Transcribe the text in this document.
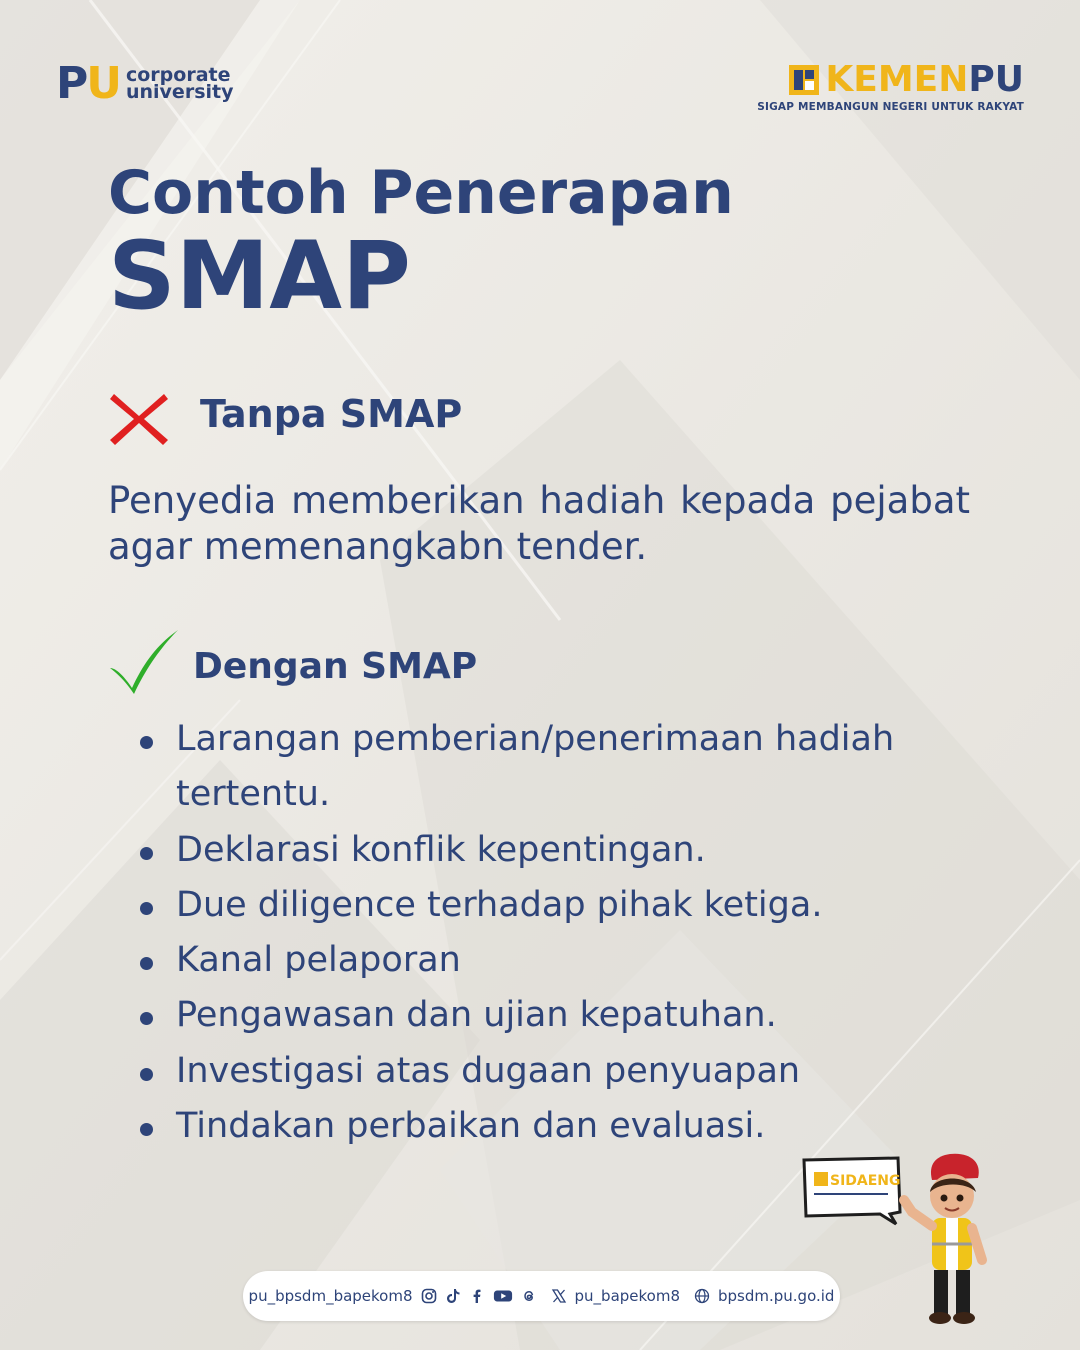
PU corporate
university	KEMENPU
SIGAP MEMBANGUN NEGERI UNTUK RAKYAT
Contoh Penerapan
SMAP
Tanpa SMAP
Penyedia memberikan hadiah kepada pejabat agar memenangkabn tender.
Dengan SMAP
Larangan pemberian/penerimaan hadiah tertentu.
Deklarasi konflik kepentingan.
Due diligence terhadap pihak ketiga.
Kanal pelaporan
Pengawasan dan ujian kepatuhan.
Investigasi atas dugaan penyuapan
Tindakan perbaikan dan evaluasi.
SIDAENG
pu_bpsdm_bapekom8	pu_bapekom8	bpsdm.pu.go.id
